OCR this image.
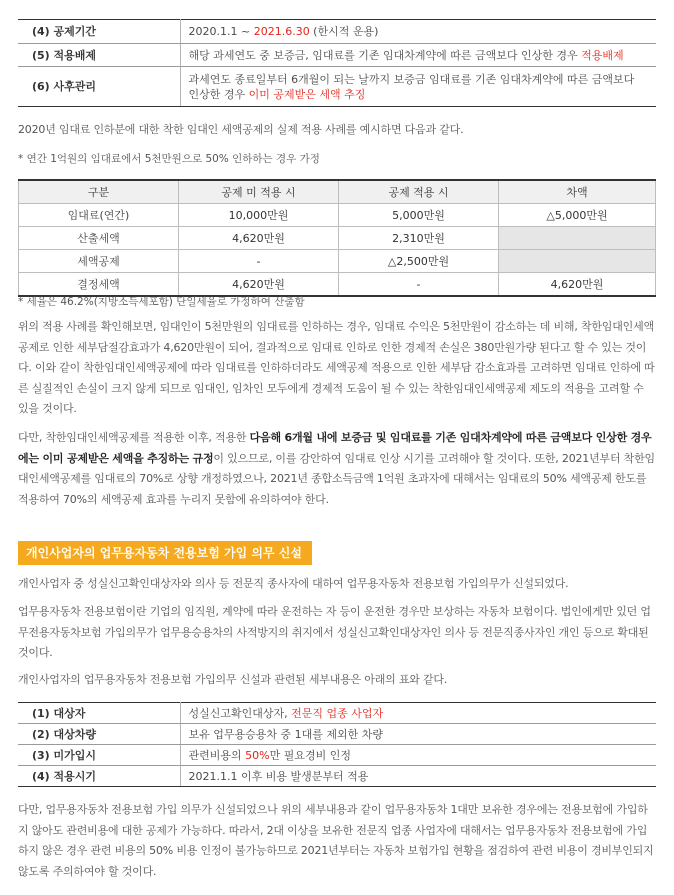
(4) 공제기간	2020.1.1 ~ 2021.6.30 (한시적 운용)
(5) 적용배제	해당 과세연도 중 보증금, 임대료를 기존 임대차계약에 따른 금액보다 인상한 경우 적용배제
(6) 사후관리	과세연도 종료일부터 6개월이 되는 날까지 보증금 임대료를 기존 임대차계약에 따른 금액보다 인상한 경우 이미 공제받은 세액 추징

2020년 임대료 인하분에 대한 착한 임대인 세액공제의 실제 적용 사례를 예시하면 다음과 같다.

* 연간 1억원의 임대료에서 5천만원으로 50% 인하하는 경우 가정

구분	공제 미 적용 시	공제 적용 시	차액
임대료(연간)	10,000만원	5,000만원	△5,000만원
산출세액	4,620만원	2,310만원	
세액공제	-	△2,500만원	
결정세액	4,620만원	-	4,620만원

* 세율은 46.2%(지방소득세포함) 단일세율로 가정하여 산출함

위의 적용 사례를 확인해보면, 임대인이 5천만원의 임대료를 인하하는 경우, 임대료 수익은 5천만원이 감소하는 데 비해, 착한임대인세액공제로 인한 세부담절감효과가 4,620만원이 되어, 결과적으로 임대료 인하로 인한 경제적 손실은 380만원가량 된다고 할 수 있는 것이다. 이와 같이 착한임대인세액공제에 따라 임대료를 인하하더라도 세액공제 적용으로 인한 세부담 감소효과를 고려하면 임대료 인하에 따른 실질적인 손실이 크지 않게 되므로 임대인, 임차인 모두에게 경제적 도움이 될 수 있는 착한임대인세액공제 제도의 적용을 고려할 수 있을 것이다.

다만, 착한임대인세액공제를 적용한 이후, 적용한 다음해 6개월 내에 보증금 및 임대료를 기존 임대차계약에 따른 금액보다 인상한 경우에는 이미 공제받은 세액을 추징하는 규정이 있으므로, 이를 감안하여 임대료 인상 시기를 고려해야 할 것이다. 또한, 2021년부터 착한임대인세액공제를 임대료의 70%로 상향 개정하였으나, 2021년 종합소득금액 1억원 초과자에 대해서는 임대료의 50% 세액공제 한도를 적용하여 70%의 세액공제 효과를 누리지 못함에 유의하여야 한다.

개인사업자의 업무용자동차 전용보험 가입 의무 신설

개인사업자 중 성실신고확인대상자와 의사 등 전문직 종사자에 대하여 업무용자동차 전용보험 가입의무가 신설되었다.

업무용자동차 전용보험이란 기업의 임직원, 계약에 따라 운전하는 자 등이 운전한 경우만 보상하는 자동차 보험이다. 법인에게만 있던 업무전용자동차보험 가입의무가 업무용승용차의 사적방지의 취지에서 성실신고확인대상자인 의사 등 전문직종사자인 개인 등으로 확대된 것이다.

개인사업자의 업무용자동차 전용보험 가입의무 신설과 관련된 세부내용은 아래의 표와 같다.

(1) 대상자	성실신고확인대상자, 전문직 업종 사업자
(2) 대상차량	보유 업무용승용차 중 1대를 제외한 차량
(3) 미가입시	관련비용의 50%만 필요경비 인정
(4) 적용시기	2021.1.1 이후 비용 발생분부터 적용

다만, 업무용자동차 전용보험 가입 의무가 신설되었으나 위의 세부내용과 같이 업무용자동차 1대만 보유한 경우에는 전용보험에 가입하지 않아도 관련비용에 대한 공제가 가능하다. 따라서, 2대 이상을 보유한 전문직 업종 사업자에 대해서는 업무용자동차 전용보험에 가입하지 않은 경우 관련 비용의 50% 비용 인정이 불가능하므로 2021년부터는 자동차 보험가입 현황을 점검하여 관련 비용이 경비부인되지 않도록 주의하여야 할 것이다.
